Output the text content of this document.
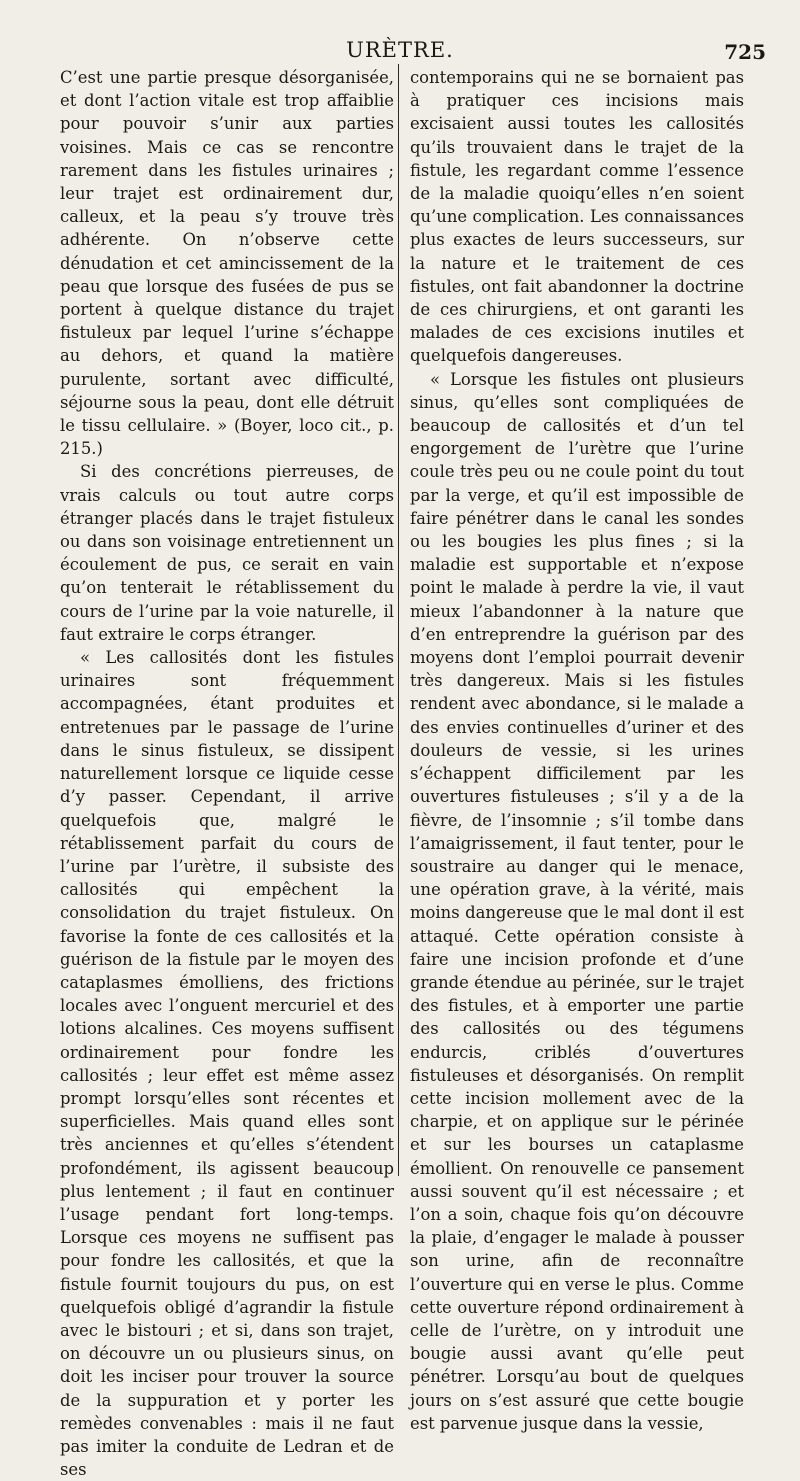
URÈTRE.	725

C’est une partie presque désorganisée, et dont l’action vitale est trop affaiblie pour pouvoir s’unir aux parties voisines. Mais ce cas se rencontre rarement dans les fistules urinaires ; leur trajet est ordinairement dur, calleux, et la peau s’y trouve très adhérente. On n’observe cette dénudation et cet amincissement de la peau que lorsque des fusées de pus se portent à quelque distance du trajet fistuleux par lequel l’urine s’échappe au dehors, et quand la matière purulente, sortant avec difficulté, séjourne sous la peau, dont elle détruit le tissu cellulaire. » (Boyer, loco cit., p. 215.)

Si des concrétions pierreuses, de vrais calculs ou tout autre corps étranger placés dans le trajet fistuleux ou dans son voisinage entretiennent un écoulement de pus, ce serait en vain qu’on tenterait le rétablissement du cours de l’urine par la voie naturelle, il faut extraire le corps étranger.

« Les callosités dont les fistules urinaires sont fréquemment accompagnées, étant produites et entretenues par le passage de l’urine dans le sinus fistuleux, se dissipent naturellement lorsque ce liquide cesse d’y passer. Cependant, il arrive quelquefois que, malgré le rétablissement parfait du cours de l’urine par l’urètre, il subsiste des callosités qui empêchent la consolidation du trajet fistuleux. On favorise la fonte de ces callosités et la guérison de la fistule par le moyen des cataplasmes émolliens, des frictions locales avec l’onguent mercuriel et des lotions alcalines. Ces moyens suffisent ordinairement pour fondre les callosités ; leur effet est même assez prompt lorsqu’elles sont récentes et superficielles. Mais quand elles sont très anciennes et qu’elles s’étendent profondément, ils agissent beaucoup plus lentement ; il faut en continuer l’usage pendant fort long-temps. Lorsque ces moyens ne suffisent pas pour fondre les callosités, et que la fistule fournit toujours du pus, on est quelquefois obligé d’agrandir la fistule avec le bistouri ; et si, dans son trajet, on découvre un ou plusieurs sinus, on doit les inciser pour trouver la source de la suppuration et y porter les remèdes convenables : mais il ne faut pas imiter la conduite de Ledran et de ses

contemporains qui ne se bornaient pas à pratiquer ces incisions mais excisaient aussi toutes les callosités qu’ils trouvaient dans le trajet de la fistule, les regardant comme l’essence de la maladie quoiqu’elles n’en soient qu’une complication. Les connaissances plus exactes de leurs successeurs, sur la nature et le traitement de ces fistules, ont fait abandonner la doctrine de ces chirurgiens, et ont garanti les malades de ces excisions inutiles et quelquefois dangereuses.

« Lorsque les fistules ont plusieurs sinus, qu’elles sont compliquées de beaucoup de callosités et d’un tel engorgement de l’urètre que l’urine coule très peu ou ne coule point du tout par la verge, et qu’il est impossible de faire pénétrer dans le canal les sondes ou les bougies les plus fines ; si la maladie est supportable et n’expose point le malade à perdre la vie, il vaut mieux l’abandonner à la nature que d’en entreprendre la guérison par des moyens dont l’emploi pourrait devenir très dangereux. Mais si les fistules rendent avec abondance, si le malade a des envies continuelles d’uriner et des douleurs de vessie, si les urines s’échappent difficilement par les ouvertures fistuleuses ; s’il y a de la fièvre, de l’insomnie ; s’il tombe dans l’amaigrissement, il faut tenter, pour le soustraire au danger qui le menace, une opération grave, à la vérité, mais moins dangereuse que le mal dont il est attaqué. Cette opération consiste à faire une incision profonde et d’une grande étendue au périnée, sur le trajet des fistules, et à emporter une partie des callosités ou des tégumens endurcis, criblés d’ouvertures fistuleuses et désorganisés. On remplit cette incision mollement avec de la charpie, et on applique sur le périnée et sur les bourses un cataplasme émollient. On renouvelle ce pansement aussi souvent qu’il est nécessaire ; et l’on a soin, chaque fois qu’on découvre la plaie, d’engager le malade à pousser son urine, afin de reconnaître l’ouverture qui en verse le plus. Comme cette ouverture répond ordinairement à celle de l’urètre, on y introduit une bougie aussi avant qu’elle peut pénétrer. Lorsqu’au bout de quelques jours on s’est assuré que cette bougie est parvenue jusque dans la vessie,
